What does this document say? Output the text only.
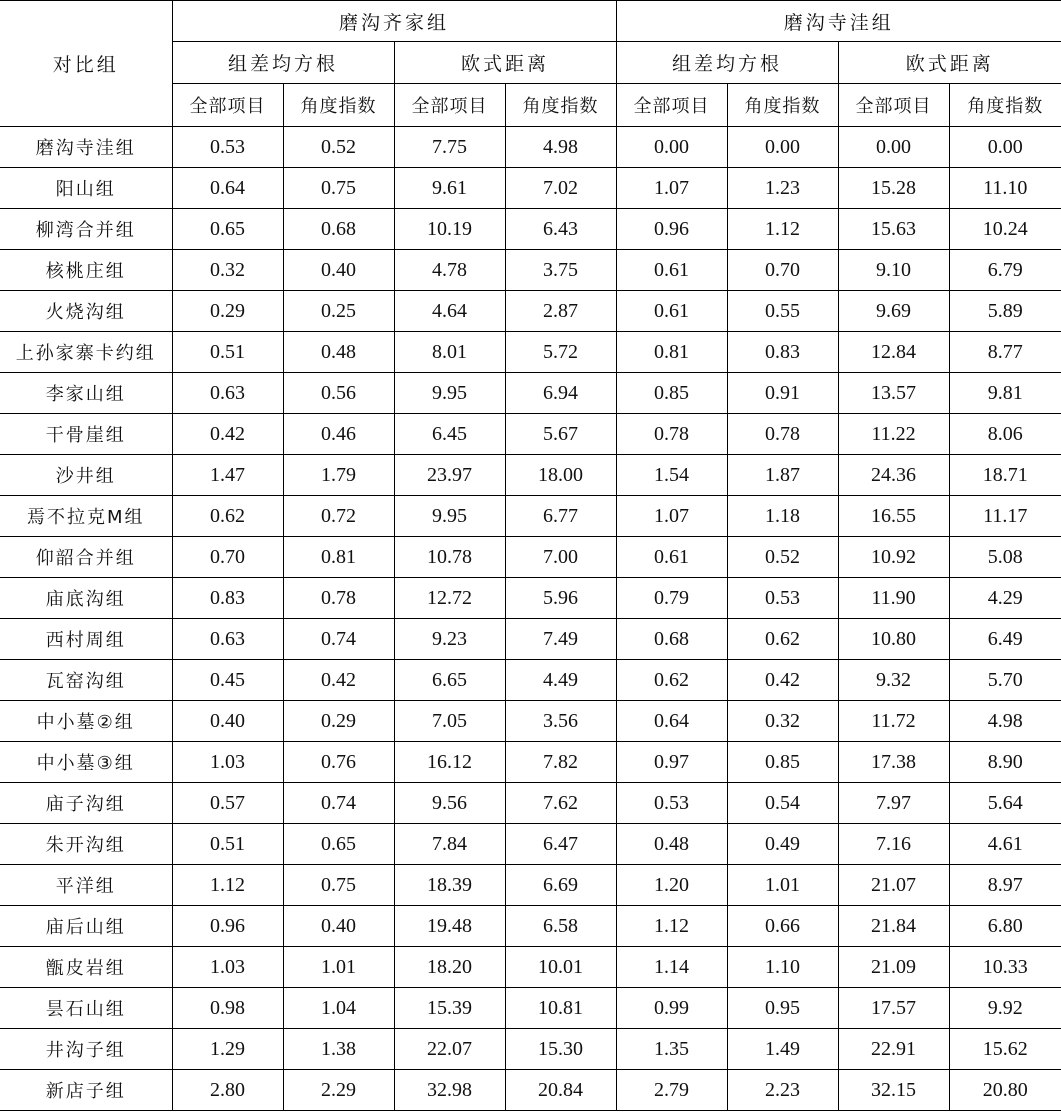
对比组	磨沟齐家组				磨沟寺洼组			
	组差均方根		欧式距离		组差均方根		欧式距离	
	全部项目	角度指数	全部项目	角度指数	全部项目	角度指数	全部项目	角度指数
磨沟寺洼组	0.53	0.52	7.75	4.98	0.00	0.00	0.00	0.00
阳山组	0.64	0.75	9.61	7.02	1.07	1.23	15.28	11.10
柳湾合并组	0.65	0.68	10.19	6.43	0.96	1.12	15.63	10.24
核桃庄组	0.32	0.40	4.78	3.75	0.61	0.70	9.10	6.79
火烧沟组	0.29	0.25	4.64	2.87	0.61	0.55	9.69	5.89
上孙家寨卡约组	0.51	0.48	8.01	5.72	0.81	0.83	12.84	8.77
李家山组	0.63	0.56	9.95	6.94	0.85	0.91	13.57	9.81
干骨崖组	0.42	0.46	6.45	5.67	0.78	0.78	11.22	8.06
沙井组	1.47	1.79	23.97	18.00	1.54	1.87	24.36	18.71
焉不拉克M组	0.62	0.72	9.95	6.77	1.07	1.18	16.55	11.17
仰韶合并组	0.70	0.81	10.78	7.00	0.61	0.52	10.92	5.08
庙底沟组	0.83	0.78	12.72	5.96	0.79	0.53	11.90	4.29
西村周组	0.63	0.74	9.23	7.49	0.68	0.62	10.80	6.49
瓦窑沟组	0.45	0.42	6.65	4.49	0.62	0.42	9.32	5.70
中小墓②组	0.40	0.29	7.05	3.56	0.64	0.32	11.72	4.98
中小墓③组	1.03	0.76	16.12	7.82	0.97	0.85	17.38	8.90
庙子沟组	0.57	0.74	9.56	7.62	0.53	0.54	7.97	5.64
朱开沟组	0.51	0.65	7.84	6.47	0.48	0.49	7.16	4.61
平洋组	1.12	0.75	18.39	6.69	1.20	1.01	21.07	8.97
庙后山组	0.96	0.40	19.48	6.58	1.12	0.66	21.84	6.80
甑皮岩组	1.03	1.01	18.20	10.01	1.14	1.10	21.09	10.33
昙石山组	0.98	1.04	15.39	10.81	0.99	0.95	17.57	9.92
井沟子组	1.29	1.38	22.07	15.30	1.35	1.49	22.91	15.62
新店子组	2.80	2.29	32.98	20.84	2.79	2.23	32.15	20.80
